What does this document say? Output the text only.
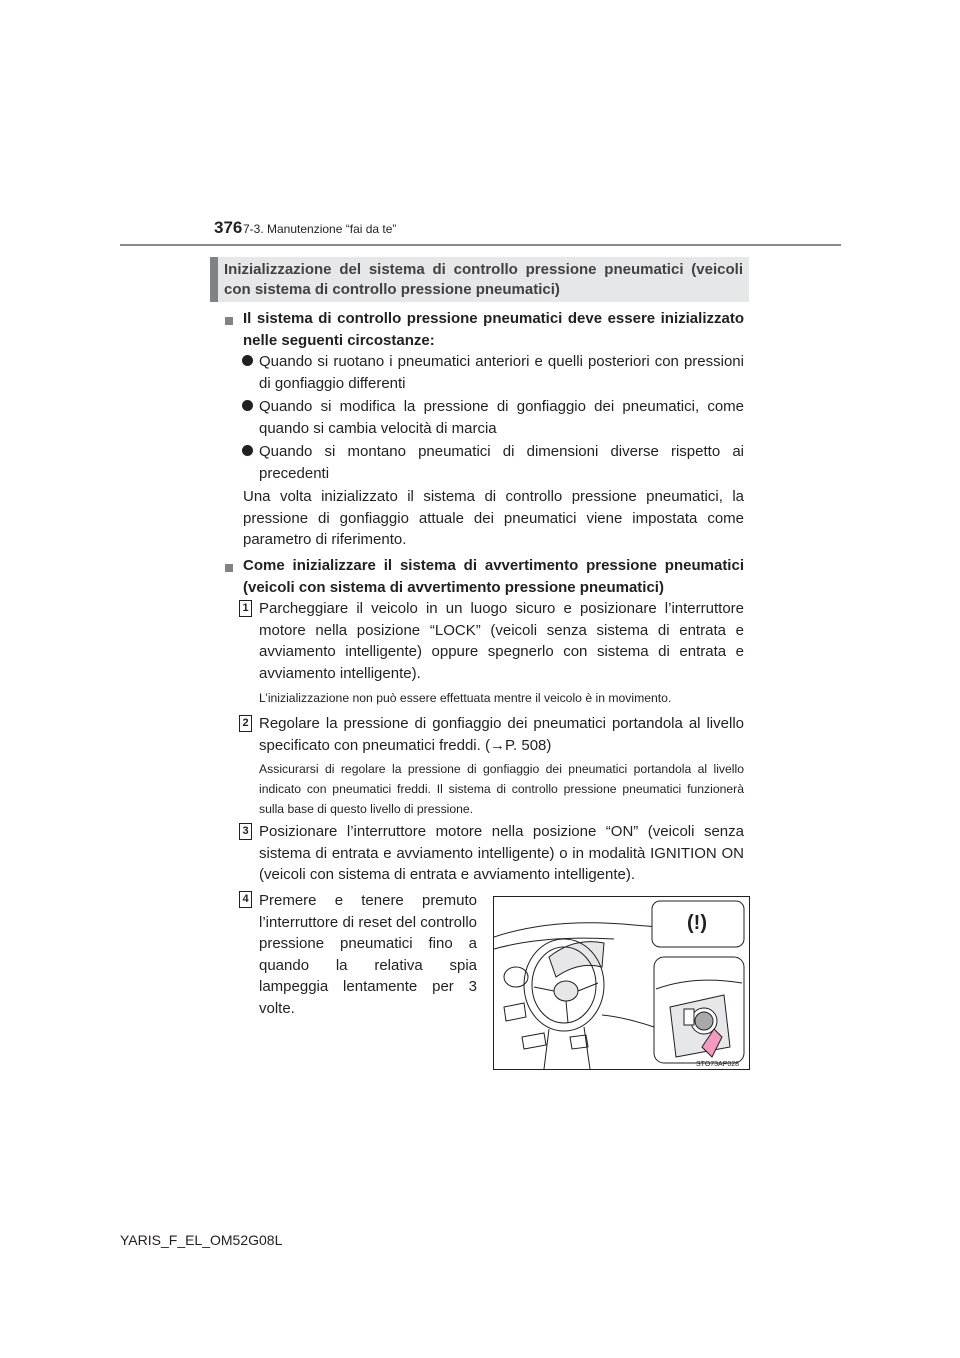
376 7-3. Manutenzione “fai da te”
Inizializzazione del sistema di controllo pressione pneumatici (veicoli con sistema di controllo pressione pneumatici)
Il sistema di controllo pressione pneumatici deve essere inizializzato nelle seguenti circostanze:
Quando si ruotano i pneumatici anteriori e quelli posteriori con pressioni di gonfiaggio differenti
Quando si modifica la pressione di gonfiaggio dei pneumatici, come quando si cambia velocità di marcia
Quando si montano pneumatici di dimensioni diverse rispetto ai precedenti
Una volta inizializzato il sistema di controllo pressione pneumatici, la pressione di gonfiaggio attuale dei pneumatici viene impostata come parametro di riferimento.
Come inizializzare il sistema di avvertimento pressione pneumatici (veicoli con sistema di avvertimento pressione pneumatici)
1 Parcheggiare il veicolo in un luogo sicuro e posizionare l’interruttore motore nella posizione “LOCK” (veicoli senza sistema di entrata e avviamento intelligente) oppure spegnerlo con sistema di entrata e avviamento intelligente).
L’inizializzazione non può essere effettuata mentre il veicolo è in movimento.
2 Regolare la pressione di gonfiaggio dei pneumatici portandola al livello specificato con pneumatici freddi. (→P. 508)
Assicurarsi di regolare la pressione di gonfiaggio dei pneumatici portandola al livello indicato con pneumatici freddi. Il sistema di controllo pressione pneumatici funzionerà sulla base di questo livello di pressione.
3 Posizionare l’interruttore motore nella posizione “ON” (veicoli senza sistema di entrata e avviamento intelligente) o in modalità IGNITION ON (veicoli con sistema di entrata e avviamento intelligente).
4 Premere e tenere premuto l’interruttore di reset del controllo pressione pneumatici fino a quando la relativa spia lampeggia lentamente per 3 volte.
(!)
STO73AP028
YARIS_F_EL_OM52G08L
